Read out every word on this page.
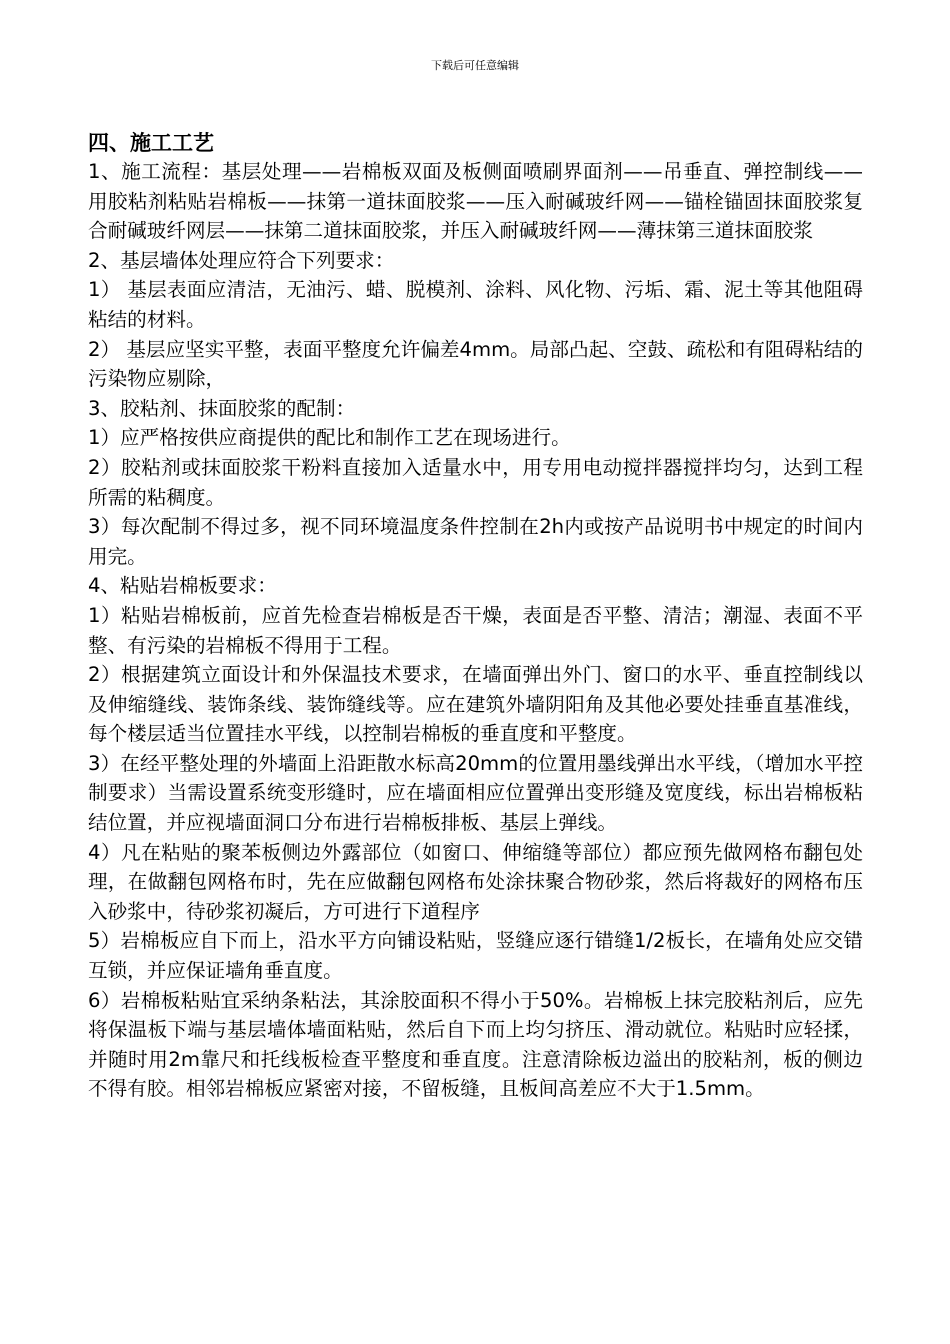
下载后可任意编辑
四、施工工艺

1、施工流程：基层处理——岩棉板双面及板侧面喷刷界面剂——吊垂直、弹控制线——用胶粘剂粘贴岩棉板——抹第一道抹面胶浆——压入耐碱玻纤网——锚栓锚固抹面胶浆复合耐碱玻纤网层——抹第二道抹面胶浆，并压入耐碱玻纤网——薄抹第三道抹面胶浆

2、基层墙体处理应符合下列要求：

1） 基层表面应清洁，无油污、蜡、脱模剂、涂料、风化物、污垢、霜、泥土等其他阻碍粘结的材料。

2） 基层应坚实平整，表面平整度允许偏差4mm。局部凸起、空鼓、疏松和有阻碍粘结的污染物应剔除，

3、胶粘剂、抹面胶浆的配制：

1）应严格按供应商提供的配比和制作工艺在现场进行。

2）胶粘剂或抹面胶浆干粉料直接加入适量水中，用专用电动搅拌器搅拌均匀，达到工程所需的粘稠度。

3）每次配制不得过多，视不同环境温度条件控制在2h内或按产品说明书中规定的时间内用完。

4、粘贴岩棉板要求：

1）粘贴岩棉板前，应首先检查岩棉板是否干燥，表面是否平整、清洁；潮湿、表面不平整、有污染的岩棉板不得用于工程。

2）根据建筑立面设计和外保温技术要求，在墙面弹出外门、窗口的水平、垂直控制线以及伸缩缝线、装饰条线、装饰缝线等。应在建筑外墙阴阳角及其他必要处挂垂直基准线，每个楼层适当位置挂水平线，以控制岩棉板的垂直度和平整度。

3）在经平整处理的外墙面上沿距散水标高20mm的位置用墨线弹出水平线，（增加水平控制要求）当需设置系统变形缝时，应在墙面相应位置弹出变形缝及宽度线，标出岩棉板粘结位置，并应视墙面洞口分布进行岩棉板排板、基层上弹线。

4）凡在粘贴的聚苯板侧边外露部位（如窗口、伸缩缝等部位）都应预先做网格布翻包处理，在做翻包网格布时，先在应做翻包网格布处涂抹聚合物砂浆，然后将裁好的网格布压入砂浆中，待砂浆初凝后，方可进行下道程序

5）岩棉板应自下而上，沿水平方向铺设粘贴，竖缝应逐行错缝1/2板长，在墙角处应交错互锁，并应保证墙角垂直度。

6）岩棉板粘贴宜采纳条粘法，其涂胶面积不得小于50%。岩棉板上抹完胶粘剂后，应先将保温板下端与基层墙体墙面粘贴，然后自下而上均匀挤压、滑动就位。粘贴时应轻揉，并随时用2m靠尺和托线板检查平整度和垂直度。注意清除板边溢出的胶粘剂，板的侧边不得有胶。相邻岩棉板应紧密对接，不留板缝，且板间高差应不大于1.5mm。
